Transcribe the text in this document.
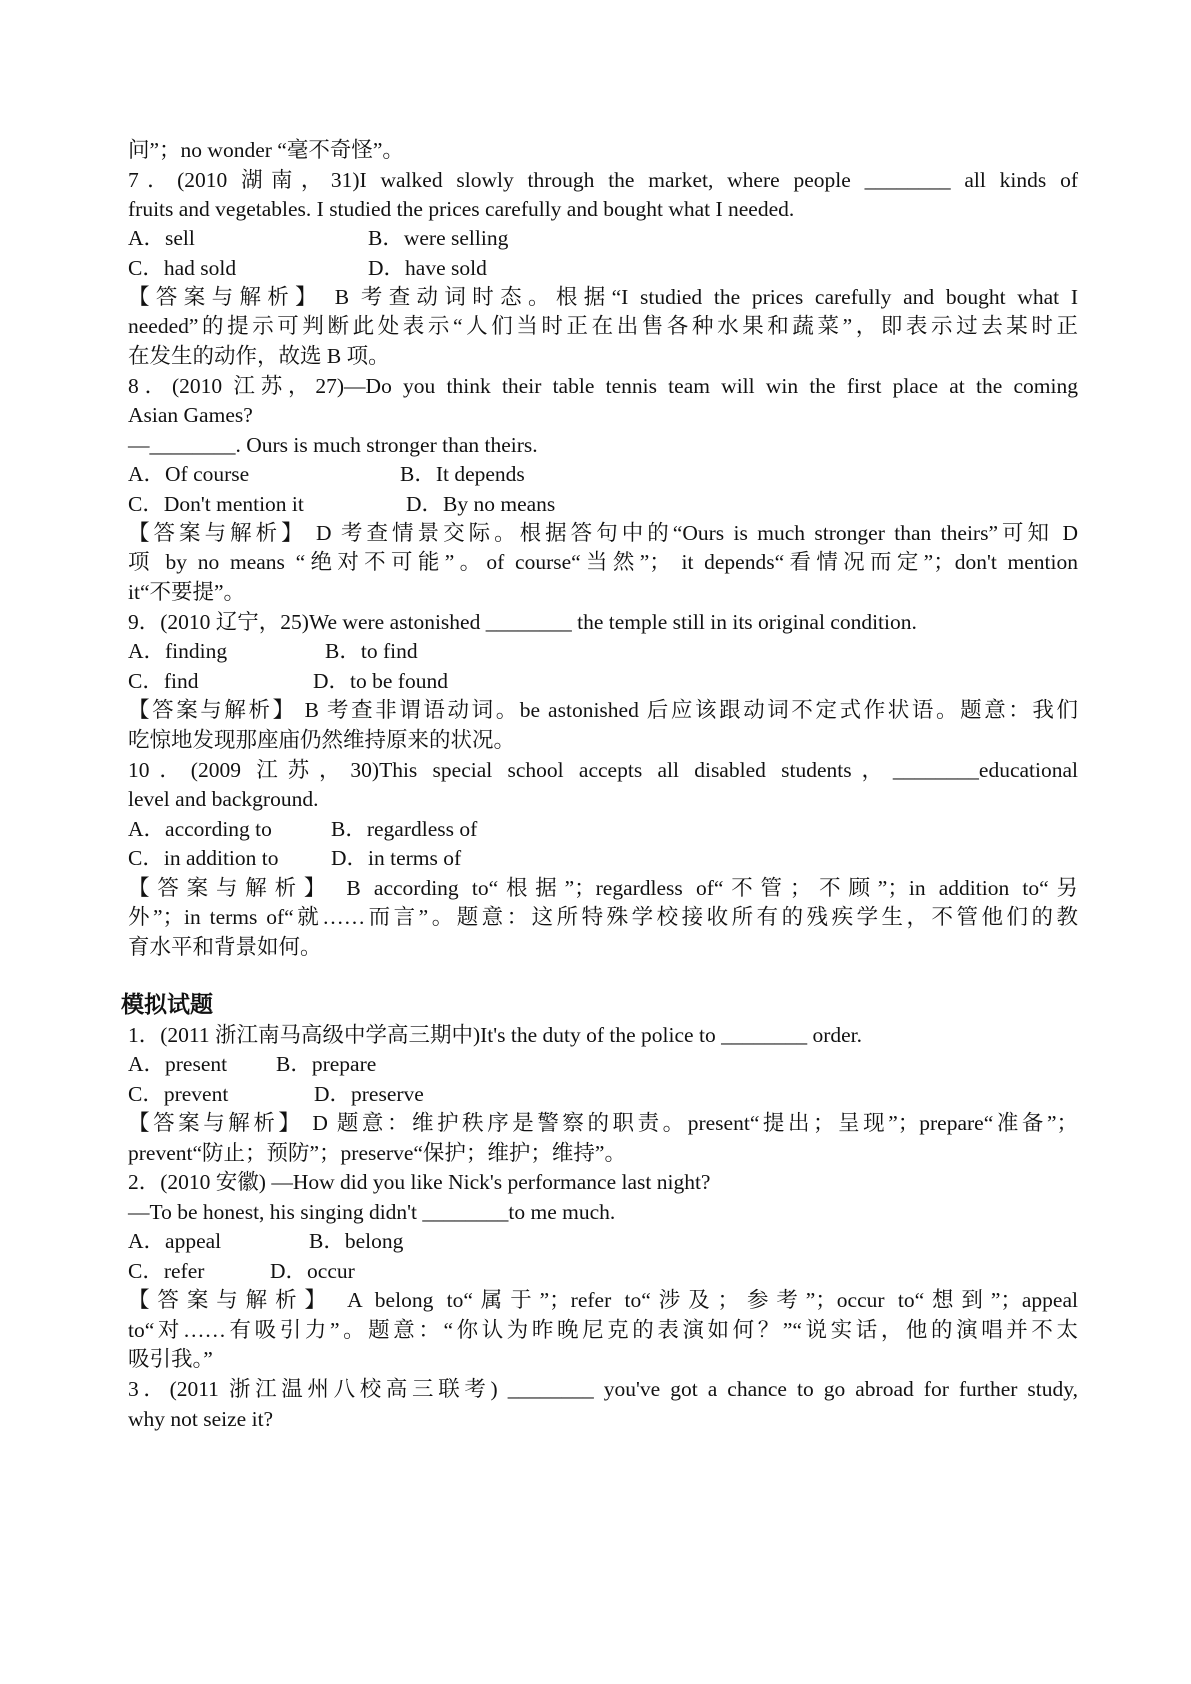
问”；no wonder “毫不奇怪”。
7．(2010 湖南，31)I walked slowly through the market, where people ________ all kinds of
fruits and vegetables. I studied the prices carefully and bought what I needed.
A．sell	B．were selling
C．had sold	D．have sold
【答案与解析】 B 考查动词时态。根据“I studied the prices carefully and bought what I
needed”的提示可判断此处表示“人们当时正在出售各种水果和蔬菜”，即表示过去某时正
在发生的动作，故选 B 项。
8．(2010 江苏，27)—Do you think their table tennis team will win the first place at the coming
Asian Games?
—________. Ours is much stronger than theirs.
A．Of course	B．It depends
C．Don't mention it	D．By no means
【答案与解析】 D 考查情景交际。根据答句中的“Ours is much stronger than theirs”可知 D
项 by no means “绝对不可能”。of course“当然”； it depends“看情况而定”；don't mention
it“不要提”。
9．(2010 辽宁，25)We were astonished ________ the temple still in its original condition.
A．finding	B．to find
C．find	D．to be found
【答案与解析】 B 考查非谓语动词。be astonished 后应该跟动词不定式作状语。题意：我们
吃惊地发现那座庙仍然维持原来的状况。
10．(2009 江苏，30)This special school accepts all disabled students，________educational
level and background.
A．according to	B．regardless of
C．in addition to D．in terms of
【答案与解析】 B according to“根据”；regardless of“不管；不顾”；in addition to“另
外”；in terms of“就……而言”。题意：这所特殊学校接收所有的残疾学生，不管他们的教
育水平和背景如何。
模拟试题
1．(2011 浙江南马高级中学高三期中)It's the duty of the police to ________ order.
A．present B．prepare
C．prevent	D．preserve
【答案与解析】 D 题意：维护秩序是警察的职责。present“提出；呈现”；prepare“准备”；
prevent“防止；预防”；preserve“保护；维护；维持”。
2．(2010 安徽) —How did you like Nick's performance last night?
—To be honest, his singing didn't ________to me much.
A．appeal	B．belong
C．refer	D．occur
【答案与解析】 A belong to“属于”；refer to“涉及；参考”；occur to“想到”；appeal
to“对……有吸引力”。题意：“你认为昨晚尼克的表演如何？”“说实话，他的演唱并不太
吸引我。”
3．(2011 浙江温州八校高三联考) ________ you've got a chance to go abroad for further study,
why not seize it?
